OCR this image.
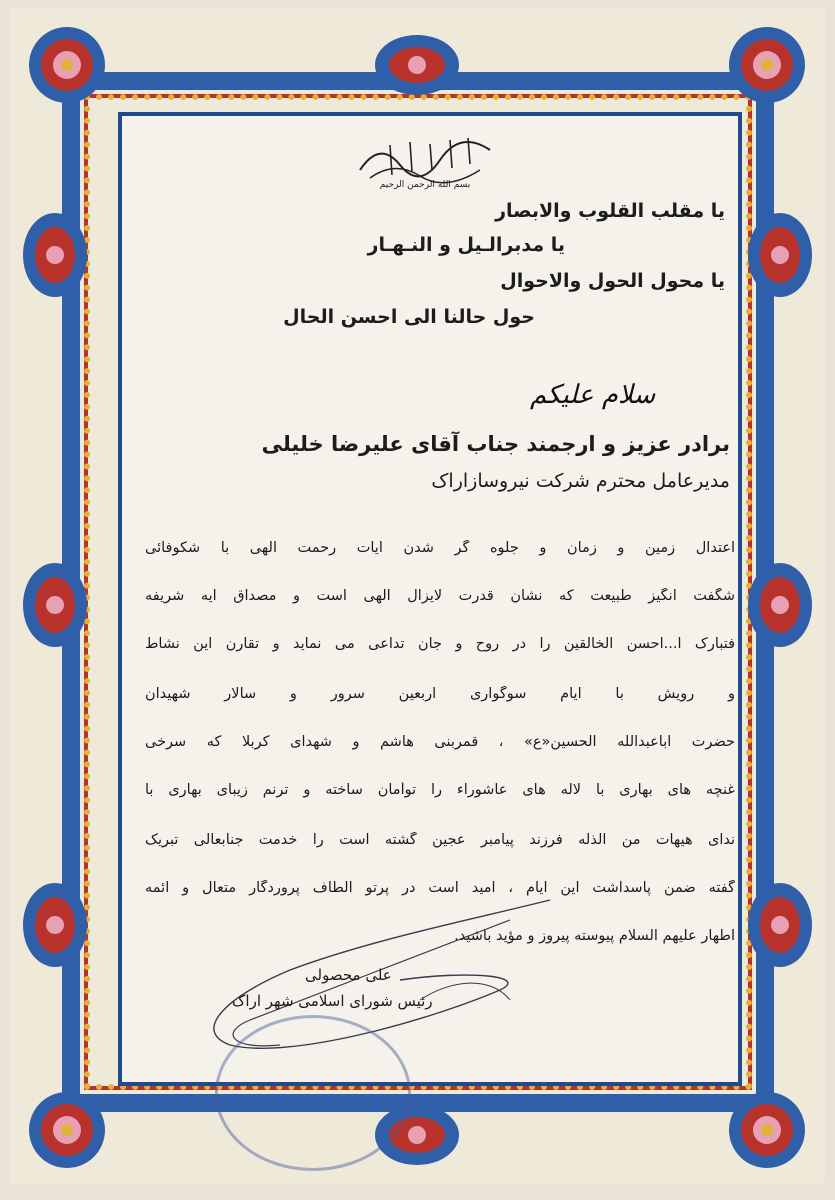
بسم الله الرحمن الرحیم
یا مقلب القلوب والابصار
یا مدبرالـیل و النـهـار
یا محول الحول والاحوال
حول حالنا الی احسن الحال
سلام علیکم
برادر عزیز و ارجمند جناب آقای علیرضا خلیلی
مدیرعامل محترم شرکت نیروسازاراک
اعتدال زمین و زمان و جلوه گر شدن آیات رحمت الهی با شکوفائی
شگفت انگیز طبیعت که نشان قدرت لایزال الهی است و مصداق آیه شریفه
فتبارک ا...احسن الخالقین را در روح و جان تداعی می نماید و تقارن این نشاط
و رویش با ایام سوگواری اربعین سرور و سالار شهیدان
حضرت اباعبدالله الحسین«ع» ، قمربنی هاشم و شهدای کربلا که سرخی
غنچه های بهاری با لاله های عاشوراء را توأمان ساخته و ترنم زیبای بهاری با
ندای هیهات من الذله فرزند پیامبر عجین گشته است را خدمت جنابعالی تبریک
گفته ضمن پاسداشت این ایام ، امید است در پرتو الطاف پروردگار متعال و ائمه
اطهار علیهم السلام پیوسته پیروز و مؤید باشید.
علی محصولی
رئیس شورای اسلامی شهر اراک
